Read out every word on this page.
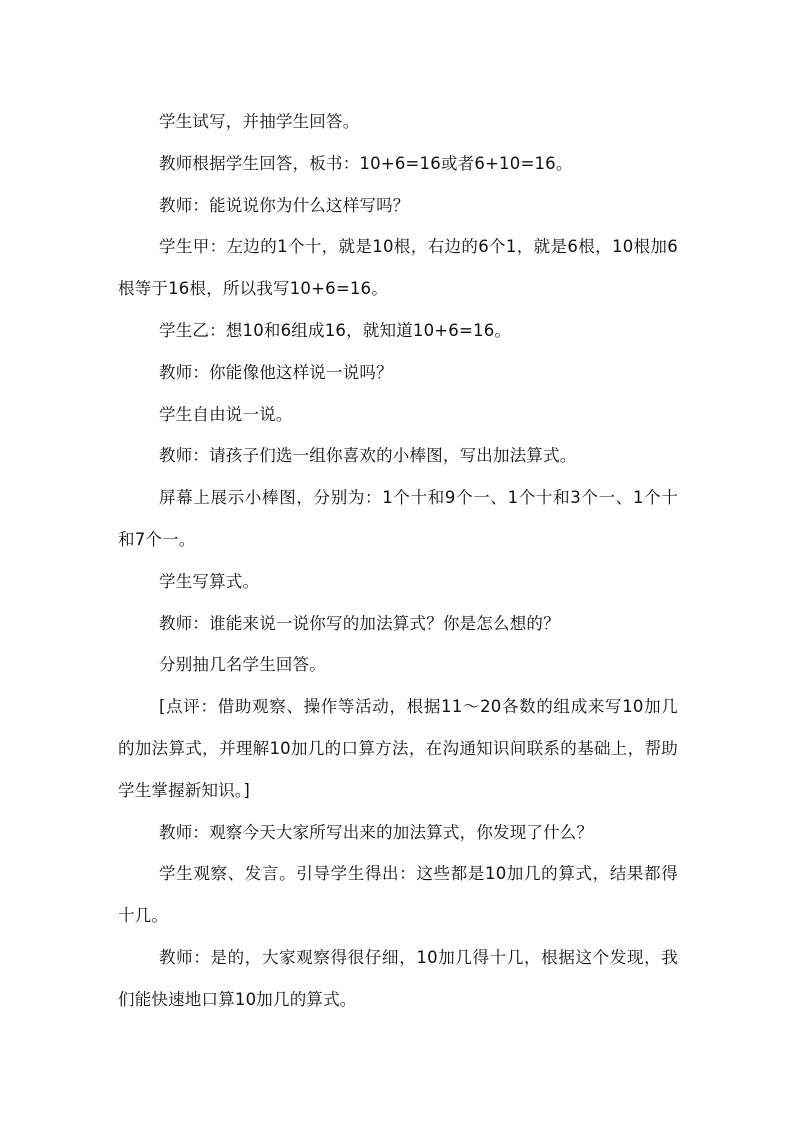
学生试写，并抽学生回答。

教师根据学生回答，板书：10+6=16或者6+10=16。

教师：能说说你为什么这样写吗？

学生甲：左边的1个十，就是10根，右边的6个1，就是6根，10根加6根等于16根，所以我写10+6=16。

学生乙：想10和6组成16，就知道10+6=16。

教师：你能像他这样说一说吗？

学生自由说一说。

教师：请孩子们选一组你喜欢的小棒图，写出加法算式。

屏幕上展示小棒图，分别为：1个十和9个一、1个十和3个一、1个十和7个一。

学生写算式。

教师：谁能来说一说你写的加法算式？你是怎么想的？

分别抽几名学生回答。

[点评：借助观察、操作等活动，根据11～20各数的组成来写10加几的加法算式，并理解10加几的口算方法，在沟通知识间联系的基础上，帮助学生掌握新知识。]

教师：观察今天大家所写出来的加法算式，你发现了什么？

学生观察、发言。引导学生得出：这些都是10加几的算式，结果都得十几。

教师：是的，大家观察得很仔细，10加几得十几，根据这个发现，我们能快速地口算10加几的算式。
